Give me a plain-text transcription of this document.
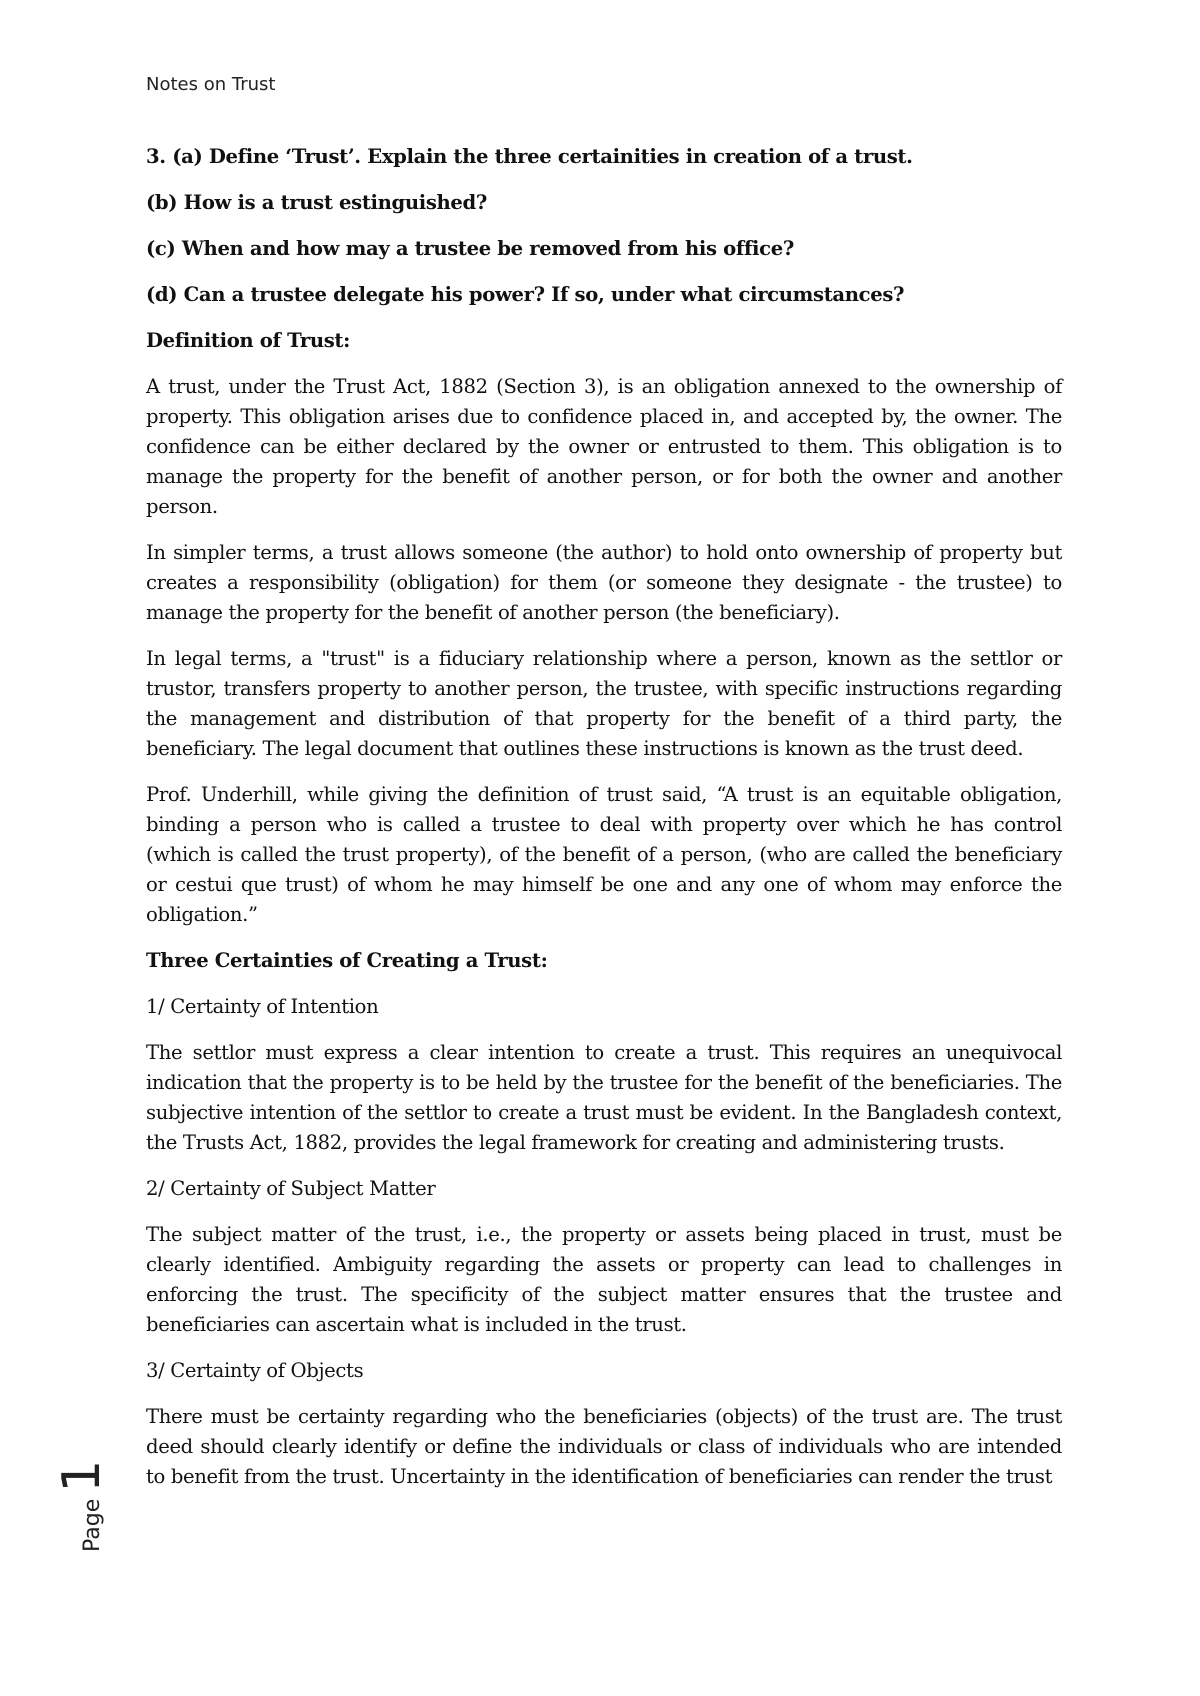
Notes on Trust

3. (a) Define ‘Trust’. Explain the three certainities in creation of a trust.

(b) How is a trust estinguished?

(c) When and how may a trustee be removed from his office?

(d) Can a trustee delegate his power? If so, under what circumstances?

Definition of Trust:

A trust, under the Trust Act, 1882 (Section 3), is an obligation annexed to the ownership of property. This obligation arises due to confidence placed in, and accepted by, the owner. The confidence can be either declared by the owner or entrusted to them. This obligation is to manage the property for the benefit of another person, or for both the owner and another person.

In simpler terms, a trust allows someone (the author) to hold onto ownership of property but creates a responsibility (obligation) for them (or someone they designate - the trustee) to manage the property for the benefit of another person (the beneficiary).

In legal terms, a "trust" is a fiduciary relationship where a person, known as the settlor or trustor, transfers property to another person, the trustee, with specific instructions regarding the management and distribution of that property for the benefit of a third party, the beneficiary. The legal document that outlines these instructions is known as the trust deed.

Prof. Underhill, while giving the definition of trust said, “A trust is an equitable obligation, binding a person who is called a trustee to deal with property over which he has control (which is called the trust property), of the benefit of a person, (who are called the beneficiary or cestui que trust) of whom he may himself be one and any one of whom may enforce the obligation.”

Three Certainties of Creating a Trust:

1/ Certainty of Intention

The settlor must express a clear intention to create a trust. This requires an unequivocal indication that the property is to be held by the trustee for the benefit of the beneficiaries. The subjective intention of the settlor to create a trust must be evident. In the Bangladesh context, the Trusts Act, 1882, provides the legal framework for creating and administering trusts.

2/ Certainty of Subject Matter

The subject matter of the trust, i.e., the property or assets being placed in trust, must be clearly identified. Ambiguity regarding the assets or property can lead to challenges in enforcing the trust. The specificity of the subject matter ensures that the trustee and beneficiaries can ascertain what is included in the trust.

3/ Certainty of Objects

There must be certainty regarding who the beneficiaries (objects) of the trust are. The trust deed should clearly identify or define the individuals or class of individuals who are intended to benefit from the trust. Uncertainty in the identification of beneficiaries can render the trust

Page1
